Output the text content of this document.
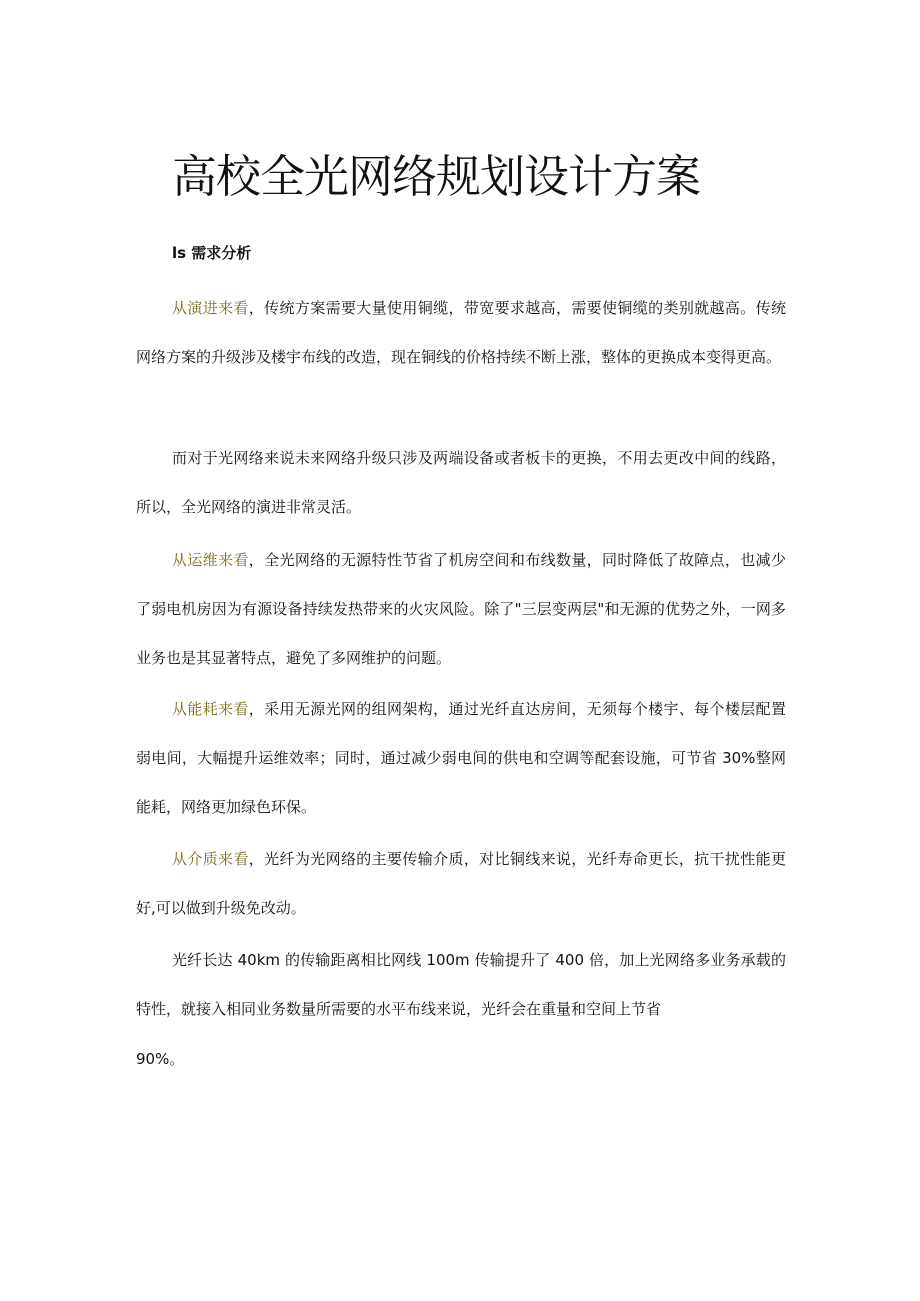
高校全光网络规划设计方案
ls 需求分析

从演进来看，传统方案需要大量使用铜缆，带宽要求越高，需要使铜缆的类别就越高。传统网络方案的升级涉及楼宇布线的改造，现在铜线的价格持续不断上涨，整体的更换成本变得更高。

而对于光网络来说未来网络升级只涉及两端设备或者板卡的更换，不用去更改中间的线路，所以，全光网络的演进非常灵活。

从运维来看，全光网络的无源特性节省了机房空间和布线数量，同时降低了故障点，也减少了弱电机房因为有源设备持续发热带来的火灾风险。除了"三层变两层"和无源的优势之外，一网多业务也是其显著特点，避免了多网维护的问题。

从能耗来看，采用无源光网的组网架构，通过光纤直达房间，无须每个楼宇、每个楼层配置弱电间，大幅提升运维效率；同时，通过减少弱电间的供电和空调等配套设施，可节省 30%整网能耗，网络更加绿色环保。

从介质来看，光纤为光网络的主要传输介质，对比铜线来说，光纤寿命更长，抗干扰性能更好,可以做到升级免改动。

光纤长达 40km 的传输距离相比网线 100m 传输提升了 400 倍，加上光网络多业务承载的特性，就接入相同业务数量所需要的水平布线来说，光纤会在重量和空间上节省

90%。
